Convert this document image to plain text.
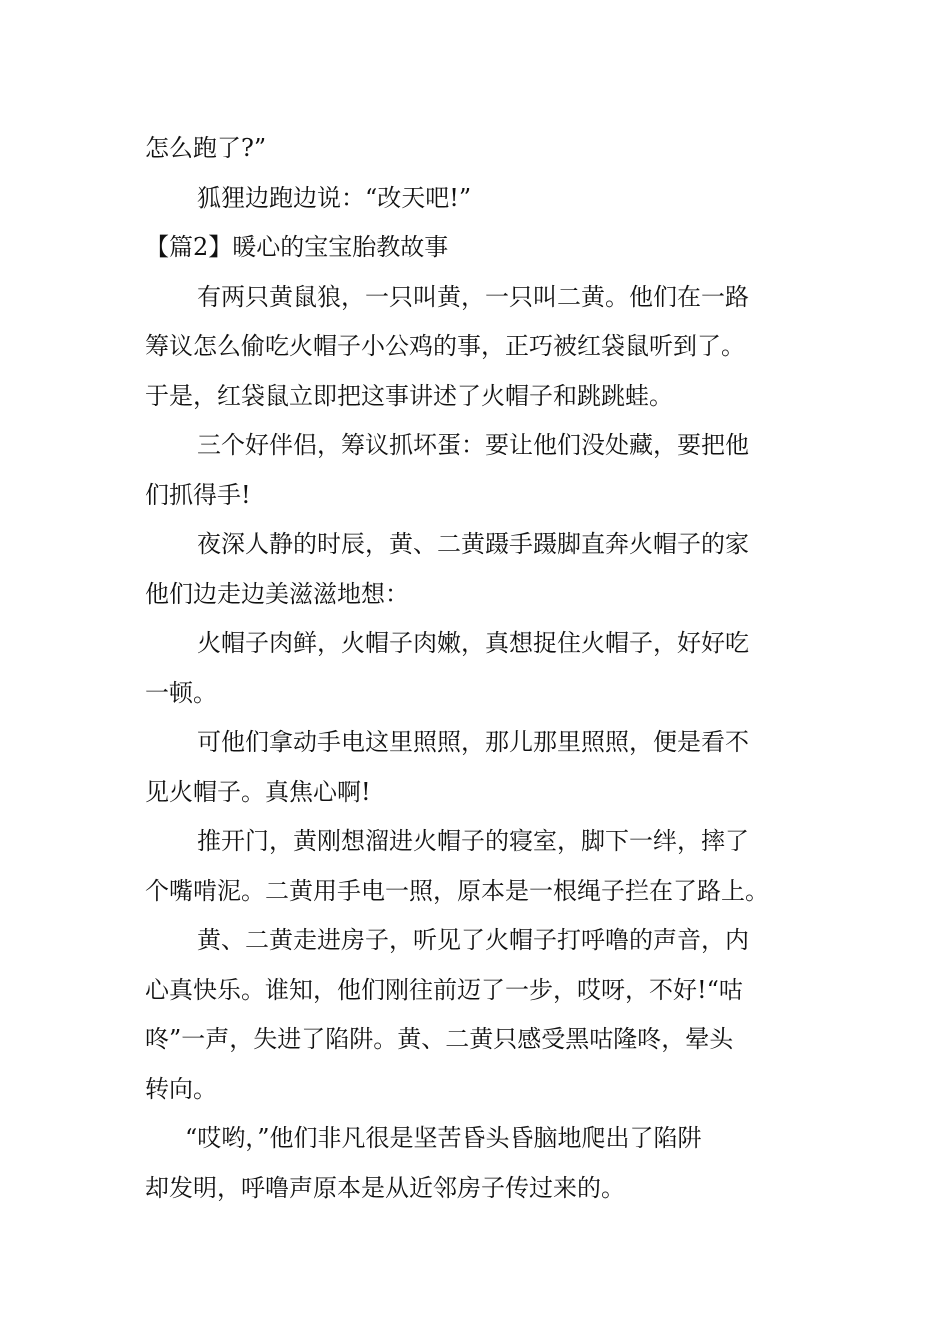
怎么跑了?”
狐狸边跑边说：“改天吧!”
【篇2】暖心的宝宝胎教故事
有两只黄鼠狼，一只叫黄，一只叫二黄。他们在一路
筹议怎么偷吃火帽子小公鸡的事，正巧被红袋鼠听到了。
于是，红袋鼠立即把这事讲述了火帽子和跳跳蛙。
三个好伴侣，筹议抓坏蛋：要让他们没处藏，要把他
们抓得手!
夜深人静的时辰，黄、二黄蹑手蹑脚直奔火帽子的家
他们边走边美滋滋地想：
火帽子肉鲜，火帽子肉嫩，真想捉住火帽子，好好吃
一顿。
可他们拿动手电这里照照，那儿那里照照，便是看不
见火帽子。真焦心啊!
推开门，黄刚想溜进火帽子的寝室，脚下一绊，摔了
个嘴啃泥。二黄用手电一照，原本是一根绳子拦在了路上。
黄、二黄走进房子，听见了火帽子打呼噜的声音，内
心真快乐。谁知，他们刚往前迈了一步，哎呀，不好!“咕
咚”一声，失进了陷阱。黄、二黄只感受黑咕隆咚，晕头
转向。
“哎哟，”他们非凡很是坚苦昏头昏脑地爬出了陷阱
却发明，呼噜声原本是从近邻房子传过来的。
